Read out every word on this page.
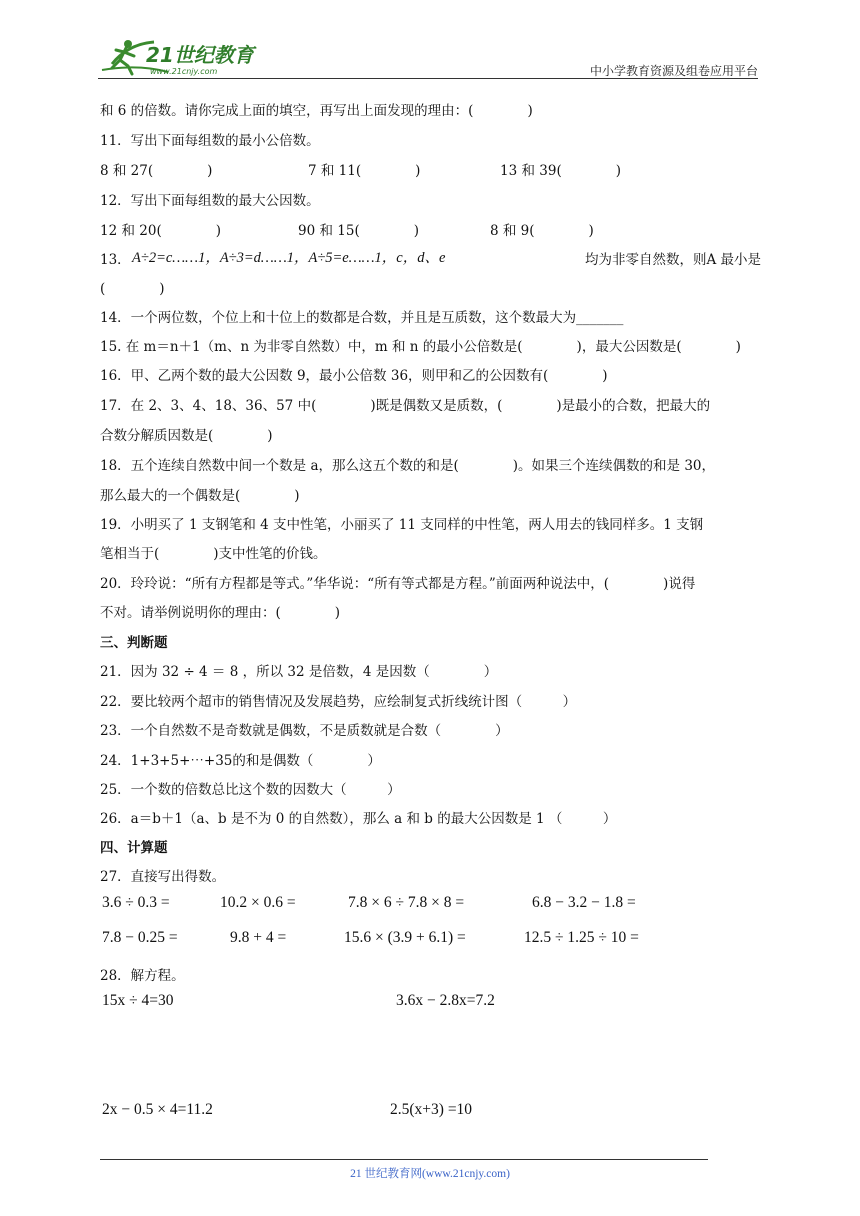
21世纪教育
www.21cnjy.com	中小学教育资源及组卷应用平台
和 6 的倍数。请你完成上面的填空，再写出上面发现的理由：(　　　　)
11．写出下面每组数的最小公倍数。
8 和 27(　　　　)	7 和 11(　　　　)	13 和 39(　　　　)
12．写出下面每组数的最大公因数。
12 和 20(　　　　)	90 和 15(　　　　)	8 和 9(　　　　)
13． A÷2=c……1，A÷3=d……1，A÷5=e……1，c，d、e	均为非零自然数，则A 最小是
(　　　　)
14．一个两位数，个位上和十位上的数都是合数，并且是互质数，这个数最大为_______
15. 在 m＝n＋1（m、n 为非零自然数）中，m 和 n 的最小公倍数是(　　　　)，最大公因数是(　　　　)
16．甲、乙两个数的最大公因数 9，最小公倍数 36，则甲和乙的公因数有(　　　　)
17．在 2、3、4、18、36、57 中(　　　　)既是偶数又是质数，(　　　　)是最小的合数，把最大的
合数分解质因数是(　　　　)
18．五个连续自然数中间一个数是 a，那么这五个数的和是(　　　　)。如果三个连续偶数的和是 30，
那么最大的一个偶数是(　　　　)
19．小明买了 1 支钢笔和 4 支中性笔，小丽买了 11 支同样的中性笔，两人用去的钱同样多。1 支钢
笔相当于(　　　　)支中性笔的价钱。
20．玲玲说：“所有方程都是等式。”华华说：“所有等式都是方程。”前面两种说法中，(　　　　)说得
不对。请举例说明你的理由：(　　　　)
三、判断题
21．因为 32 ÷ 4 ＝ 8 ，所以 32 是倍数，4 是因数（　　　　）
22．要比较两个超市的销售情况及发展趋势，应绘制复式折线统计图（　　　）
23．一个自然数不是奇数就是偶数，不是质数就是合数（　　　　）
24．1+3+5+⋯+35的和是偶数（　　　　）
25．一个数的倍数总比这个数的因数大（　　　）
26．a＝b＋1（a、b 是不为 0 的自然数），那么 a 和 b 的最大公因数是 1 （　　　）
四、计算题
27．直接写出得数。
3.6 ÷ 0.3 =	10.2 × 0.6 =	7.8 × 6 ÷ 7.8 × 8 =	6.8 − 3.2 − 1.8 =
7.8 − 0.25 =	9.8 + 4 =	15.6 × (3.9 + 6.1) =	12.5 ÷ 1.25 ÷ 10 =
28．解方程。
15x ÷ 4=30	3.6x − 2.8x=7.2
2x − 0.5 × 4=11.2	2.5(x+3) =10
21 世纪教育网(www.21cnjy.com)
